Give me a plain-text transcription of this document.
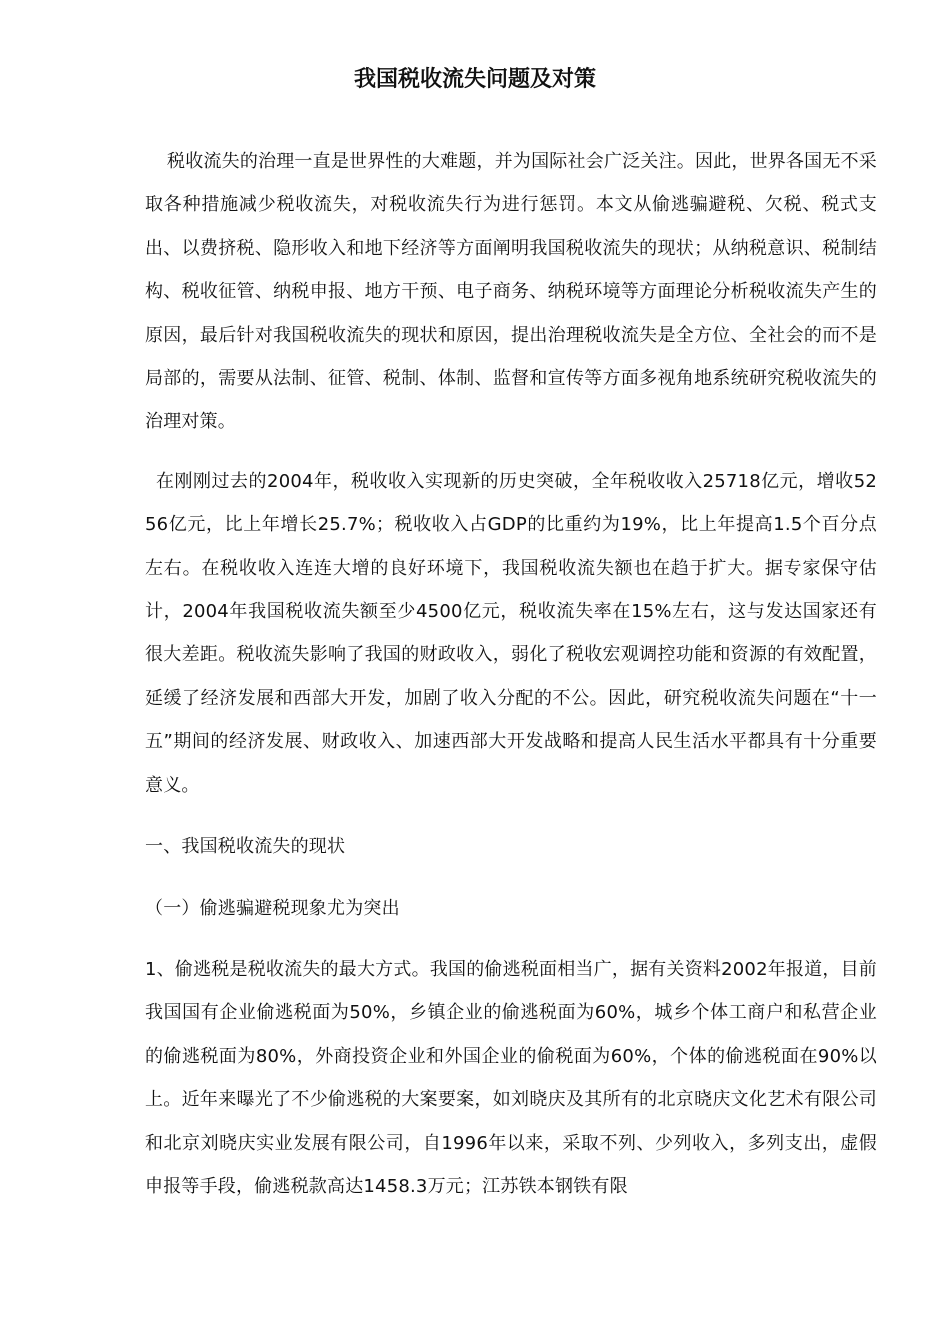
我国税收流失问题及对策

税收流失的治理一直是世界性的大难题，并为国际社会广泛关注。因此，世界各国无不采取各种措施减少税收流失，对税收流失行为进行惩罚。本文从偷逃骗避税、欠税、税式支出、以费挤税、隐形收入和地下经济等方面阐明我国税收流失的现状；从纳税意识、税制结构、税收征管、纳税申报、地方干预、电子商务、纳税环境等方面理论分析税收流失产生的原因，最后针对我国税收流失的现状和原因，提出治理税收流失是全方位、全社会的而不是局部的，需要从法制、征管、税制、体制、监督和宣传等方面多视角地系统研究税收流失的治理对策。

在刚刚过去的2004年，税收收入实现新的历史突破，全年税收收入25718亿元，增收5256亿元，比上年增长25.7%；税收收入占GDP的比重约为19%，比上年提高1.5个百分点左右。在税收收入连连大增的良好环境下，我国税收流失额也在趋于扩大。据专家保守估计，2004年我国税收流失额至少4500亿元，税收流失率在15%左右，这与发达国家还有很大差距。税收流失影响了我国的财政收入，弱化了税收宏观调控功能和资源的有效配置，延缓了经济发展和西部大开发，加剧了收入分配的不公。因此，研究税收流失问题在“十一五”期间的经济发展、财政收入、加速西部大开发战略和提高人民生活水平都具有十分重要意义。

一、我国税收流失的现状

（一）偷逃骗避税现象尤为突出

1、偷逃税是税收流失的最大方式。我国的偷逃税面相当广，据有关资料2002年报道，目前我国国有企业偷逃税面为50%，乡镇企业的偷逃税面为60%，城乡个体工商户和私营企业的偷逃税面为80%，外商投资企业和外国企业的偷税面为60%，个体的偷逃税面在90%以上。近年来曝光了不少偷逃税的大案要案，如刘晓庆及其所有的北京晓庆文化艺术有限公司和北京刘晓庆实业发展有限公司，自1996年以来，采取不列、少列收入，多列支出，虚假申报等手段，偷逃税款高达1458.3万元；江苏铁本钢铁有限
